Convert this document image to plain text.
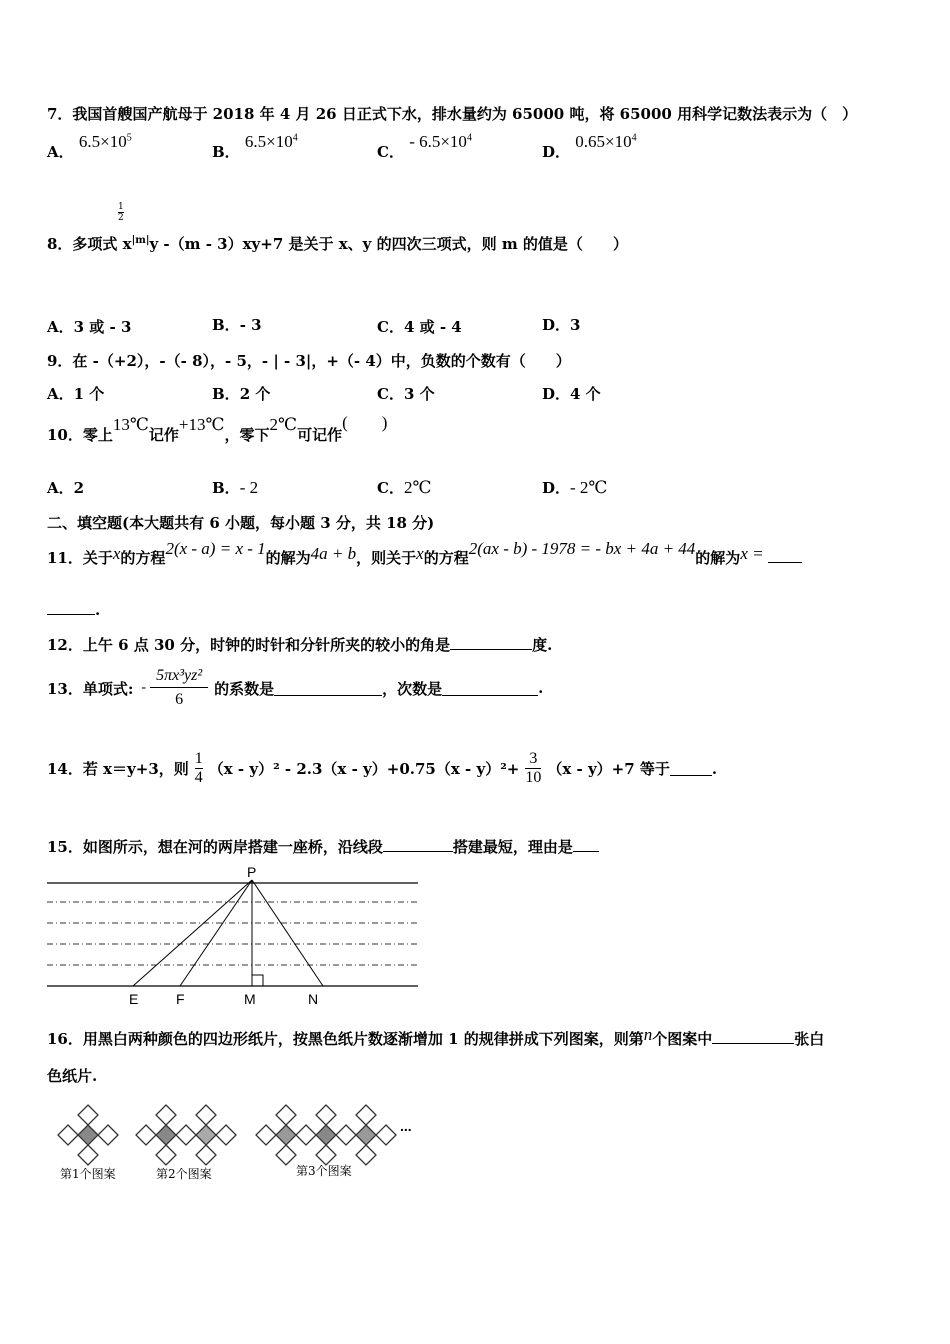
7．我国首艘国产航母于 2018 年 4 月 26 日正式下水，排水量约为 65000 吨，将 65000 用科学记数法表示为（　）
A． $6.5\times 10^5$
B． $6.5\times 10^4$
C． - $6.5\times 10^4$
D． $0.65\times 10^4$
$\frac{1}{2}$
8．多项式 $x^{|m|}y$ -（m - 3）xy+7 是关于 x、y 的四次三项式，则 m 的值是（　　）
A．3 或 - 3	B．- 3	C．4 或 - 4	D．3
9．在 -（+2），-（- 8），- 5，- | - 3|，+（- 4）中，负数的个数有（　　）
A．1 个	B．2 个	C．3 个	D．4 个
10．零上13℃记作+13℃，零下2℃可记作(　　)
A．2	B．- 2	C．2℃	D．- 2℃
二、填空题(本大题共有 6 小题，每小题 3 分，共 18 分)
11．关于x的方程2(x - a) = x - 1的解为4a + b，则关于x的方程2(ax - b) - 1978 = - bx + 4a + 44的解为x =
.
12．上午 6 点 30 分，时钟的时针和分针所夹的较小的角是	度.
13．单项式: - $\frac{\text{5πx³yz²}}{6}$ 的系数是	，次数是	.
14．若 x＝y+3，则 $\frac{1}{4} (x - y)^2 - 2.3(x - y)+0.75(x - y)^2+ \frac{3}{10} (x - y)+7$ 等于	.
15．如图所示，想在河的两岸搭建一座桥，沿线段	搭建最短，理由是
P
E	F	M	N
16．用黑白两种颜色的四边形纸片，按黑色纸片数逐渐增加 1 的规律拼成下列图案，则第n个图案中	张白
色纸片.
...
第1个图案	第2个图案	第3个图案
